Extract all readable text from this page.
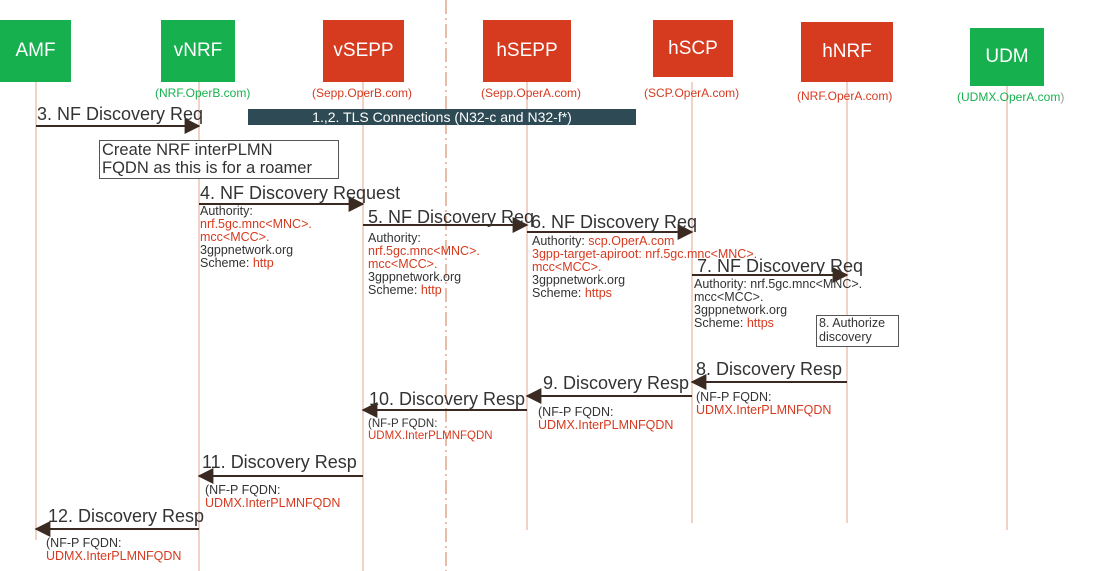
AMF	vNRF
(NRF.OperB.com)
vSEPP
(Sepp.OperB.com)
hSEPP
(Sepp.OperA.com)
hSCP
(SCP.OperA.com)
hNRF
(NRF.OperA.com)
UDM
(UDMX.OperA.com)
1.,2. TLS Connections (N32-c and N32-f*)
3. NF Discovery Req
4. NF Discovery Request
5. NF Discovery Req
6. NF Discovery Req
7. NF Discovery Req
8. Discovery Resp
9. Discovery Resp
10. Discovery Resp
11. Discovery Resp
12. Discovery Resp
Create NRF interPLMN
FQDN as this is for a roamer
8. Authorize
discovery
Authority:
nrf.5gc.mnc<MNC>.
mcc<MCC>.
3gppnetwork.org
Scheme: http
Authority:
nrf.5gc.mnc<MNC>.
mcc<MCC>.
3gppnetwork.org
Scheme: http
Authority: scp.OperA.com
3gpp-target-apiroot: nrf.5gc.mnc<MNC>.
mcc<MCC>.
3gppnetwork.org
Scheme: https
Authority: nrf.5gc.mnc<MNC>.
mcc<MCC>.
3gppnetwork.org
Scheme: https
(NF-P FQDN:
UDMX.InterPLMNFQDN
(NF-P FQDN:
UDMX.InterPLMNFQDN
(NF-P FQDN:
UDMX.InterPLMNFQDN
(NF-P FQDN:
UDMX.InterPLMNFQDN
(NF-P FQDN:
UDMX.InterPLMNFQDN
